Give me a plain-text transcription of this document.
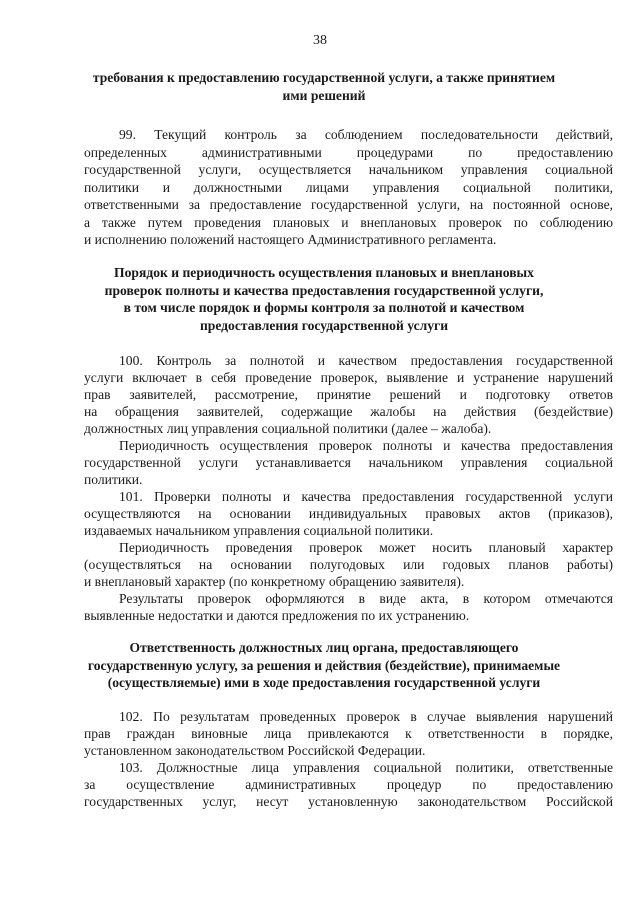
38
требования к предоставлению государственной услуги, а также принятием
ими решений
99. Текущий контроль за соблюдением последовательности действий,
определенных административными процедурами по предоставлению
государственной услуги, осуществляется начальником управления социальной
политики и должностными лицами управления социальной политики,
ответственными за предоставление государственной услуги, на постоянной основе,
а также путем проведения плановых и внеплановых проверок по соблюдению
и исполнению положений настоящего Административного регламента.
Порядок и периодичность осуществления плановых и внеплановых
проверок полноты и качества предоставления государственной услуги,
в том числе порядок и формы контроля за полнотой и качеством
предоставления государственной услуги
100. Контроль за полнотой и качеством предоставления государственной
услуги включает в себя проведение проверок, выявление и устранение нарушений
прав заявителей, рассмотрение, принятие решений и подготовку ответов
на обращения заявителей, содержащие жалобы на действия (бездействие)
должностных лиц управления социальной политики (далее – жалоба).
Периодичность осуществления проверок полноты и качества предоставления
государственной услуги устанавливается начальником управления социальной
политики.
101. Проверки полноты и качества предоставления государственной услуги
осуществляются на основании индивидуальных правовых актов (приказов),
издаваемых начальником управления социальной политики.
Периодичность проведения проверок может носить плановый характер
(осуществляться на основании полугодовых или годовых планов работы)
и внеплановый характер (по конкретному обращению заявителя).
Результаты проверок оформляются в виде акта, в котором отмечаются
выявленные недостатки и даются предложения по их устранению.
Ответственность должностных лиц органа, предоставляющего
государственную услугу, за решения и действия (бездействие), принимаемые
(осуществляемые) ими в ходе предоставления государственной услуги
102. По результатам проведенных проверок в случае выявления нарушений
прав граждан виновные лица привлекаются к ответственности в порядке,
установленном законодательством Российской Федерации.
103. Должностные лица управления социальной политики, ответственные
за осуществление административных процедур по предоставлению
государственных услуг, несут установленную законодательством Российской
